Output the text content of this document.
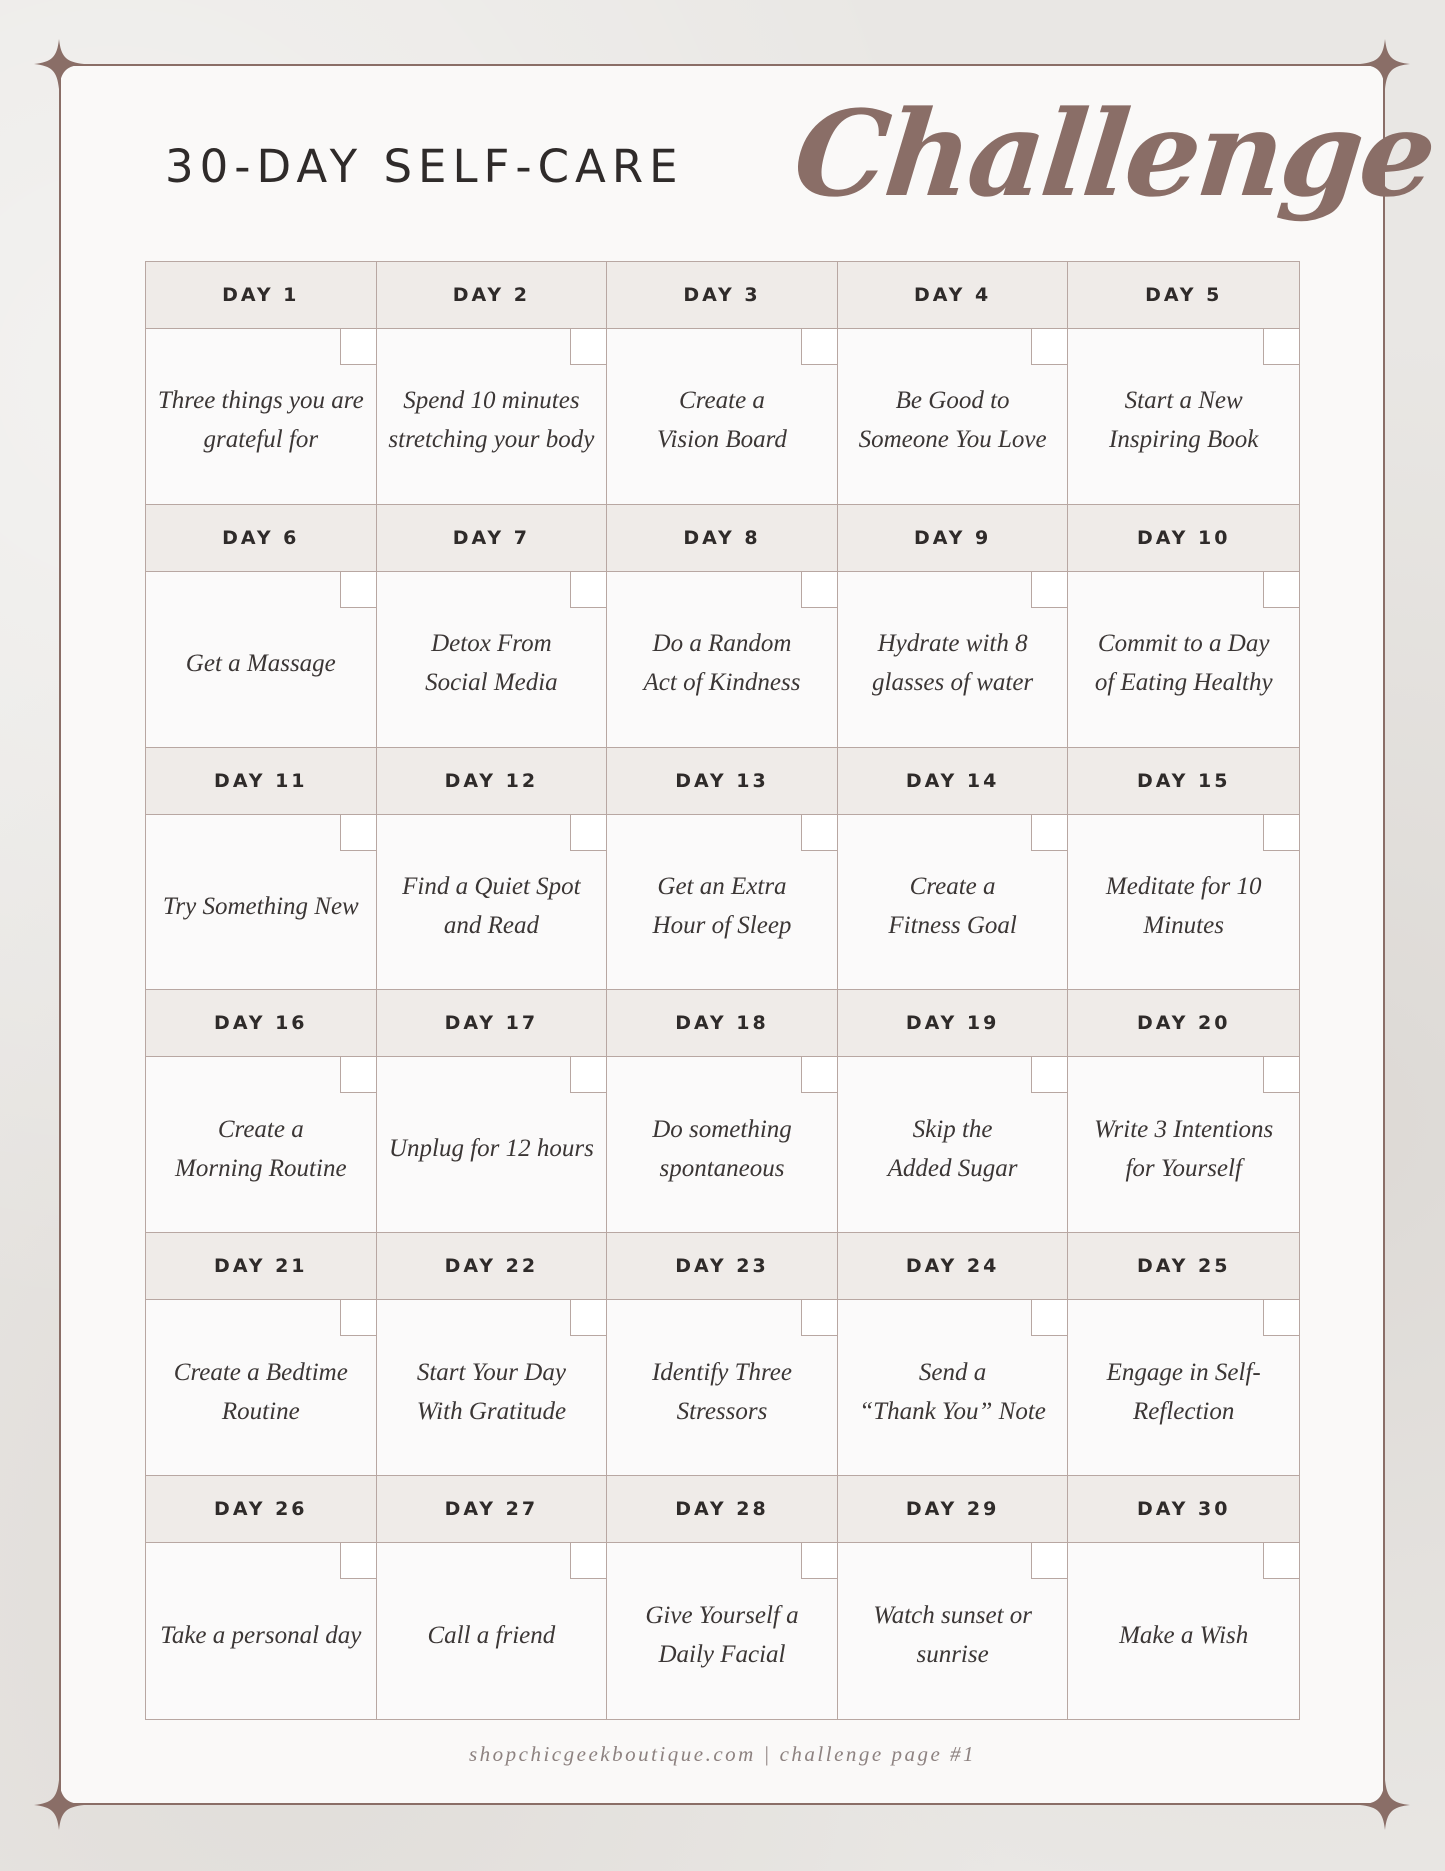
30-DAY SELF-CARE Challenge
DAY 1
Three things you are
grateful for
DAY 2
Spend 10 minutes
stretching your body
DAY 3
Create a
Vision Board
DAY 4
Be Good to
Someone You Love
DAY 5
Start a New
Inspiring Book
DAY 6
Get a Massage
DAY 7
Detox From
Social Media
DAY 8
Do a Random
Act of Kindness
DAY 9
Hydrate with 8
glasses of water
DAY 10
Commit to a Day
of Eating Healthy
DAY 11
Try Something New
DAY 12
Find a Quiet Spot
and Read
DAY 13
Get an Extra
Hour of Sleep
DAY 14
Create a
Fitness Goal
DAY 15
Meditate for 10
Minutes
DAY 16
Create a
Morning Routine
DAY 17
Unplug for 12 hours
DAY 18
Do something
spontaneous
DAY 19
Skip the
Added Sugar
DAY 20
Write 3 Intentions
for Yourself
DAY 21
Create a Bedtime
Routine
DAY 22
Start Your Day
With Gratitude
DAY 23
Identify Three
Stressors
DAY 24
Send a
“Thank You” Note
DAY 25
Engage in Self-
Reflection
DAY 26
Take a personal day
DAY 27
Call a friend
DAY 28
Give Yourself a
Daily Facial
DAY 29
Watch sunset or
sunrise
DAY 30
Make a Wish
shopchicgeekboutique.com | challenge page #1
